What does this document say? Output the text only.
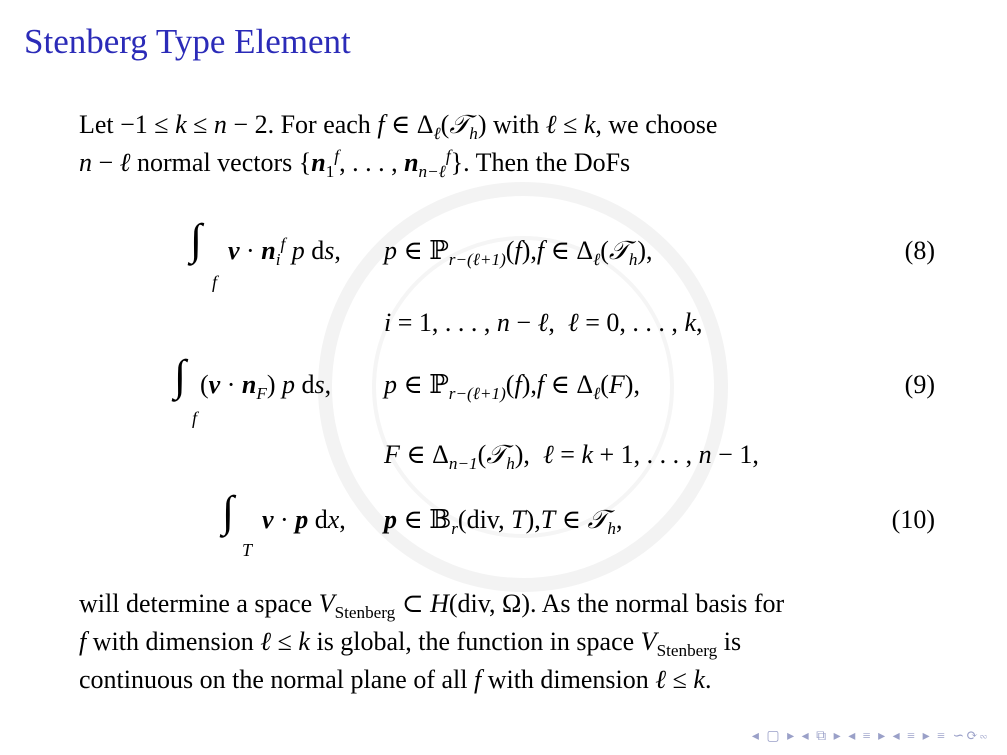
Stenberg Type Element
Let −1 ≤ k ≤ n − 2. For each f ∈ $\Delta_\ell(𝒯_h)$ with ℓ ≤ k, we choose
n − ℓ normal vectors {$n_1^f$, . . . , $n_{n-\ell}^f$}. Then the DoFs
∫
f
$v \cdot n_i^f$ p ds, p ∈ ℙ$_{r-(\ell+1)}$(f),f ∈ $\Delta_\ell(𝒯_h)$,	(8)
i = 1, . . . , n − ℓ,  ℓ = 0, . . . , k,
∫
f
$(v \cdot n_F)$ p ds, p ∈ ℙ$_{r-(\ell+1)}$(f),f ∈ $\Delta_\ell(F)$,	(9)
F ∈ $\Delta_{n-1}(𝒯_h)$,  ℓ = k + 1, . . . , n − 1,
∫
T
v · p dx, p ∈ 𝔹$_r$(div, T),T ∈ 𝒯$_h$,	(10)
will determine a space $V_{Stenberg}$ ⊂ H(div, Ω). As the normal basis for
f with dimension ℓ ≤ k is global, the function in space $V_{Stenberg}$ is
continuous on the normal plane of all f with dimension ℓ ≤ k.
◂ ▢ ▸ ◂ ⧉ ▸ ◂ ≡ ▸ ◂ ≡ ▸ ≡ ∽⟳∾
